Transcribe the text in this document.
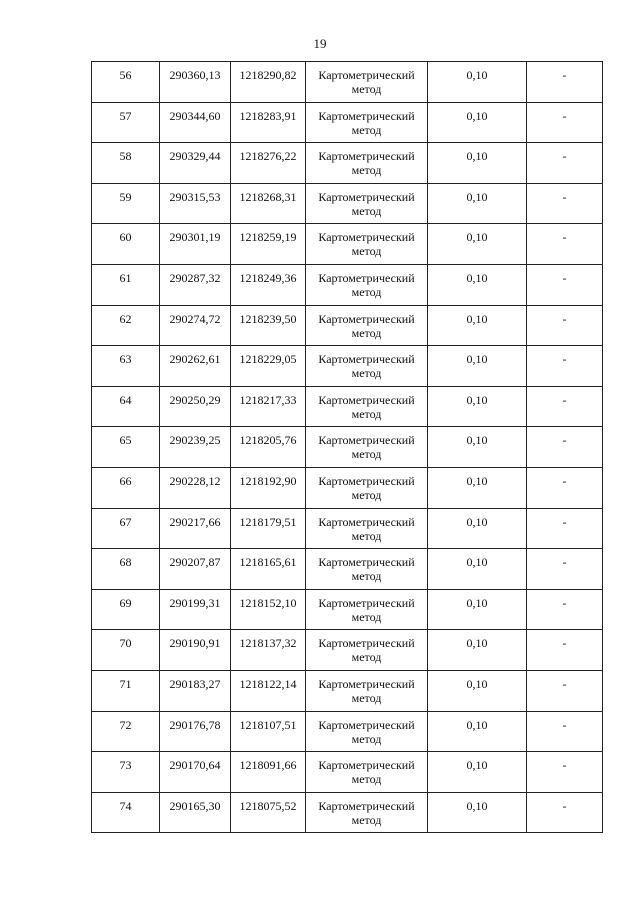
19
56	290360,13	1218290,82	Картометрический
метод	0,10	-

57	290344,60	1218283,91	Картометрический
метод	0,10	-

58	290329,44	1218276,22	Картометрический
метод	0,10	-

59	290315,53	1218268,31	Картометрический
метод	0,10	-

60	290301,19	1218259,19	Картометрический
метод	0,10	-

61	290287,32	1218249,36	Картометрический
метод	0,10	-

62	290274,72	1218239,50	Картометрический
метод	0,10	-

63	290262,61	1218229,05	Картометрический
метод	0,10	-

64	290250,29	1218217,33	Картометрический
метод	0,10	-

65	290239,25	1218205,76	Картометрический
метод	0,10	-

66	290228,12	1218192,90	Картометрический
метод	0,10	-

67	290217,66	1218179,51	Картометрический
метод	0,10	-

68	290207,87	1218165,61	Картометрический
метод	0,10	-

69	290199,31	1218152,10	Картометрический
метод	0,10	-

70	290190,91	1218137,32	Картометрический
метод	0,10	-

71	290183,27	1218122,14	Картометрический
метод	0,10	-

72	290176,78	1218107,51	Картометрический
метод	0,10	-

73	290170,64	1218091,66	Картометрический
метод	0,10	-

74	290165,30	1218075,52	Картометрический
метод	0,10	-
